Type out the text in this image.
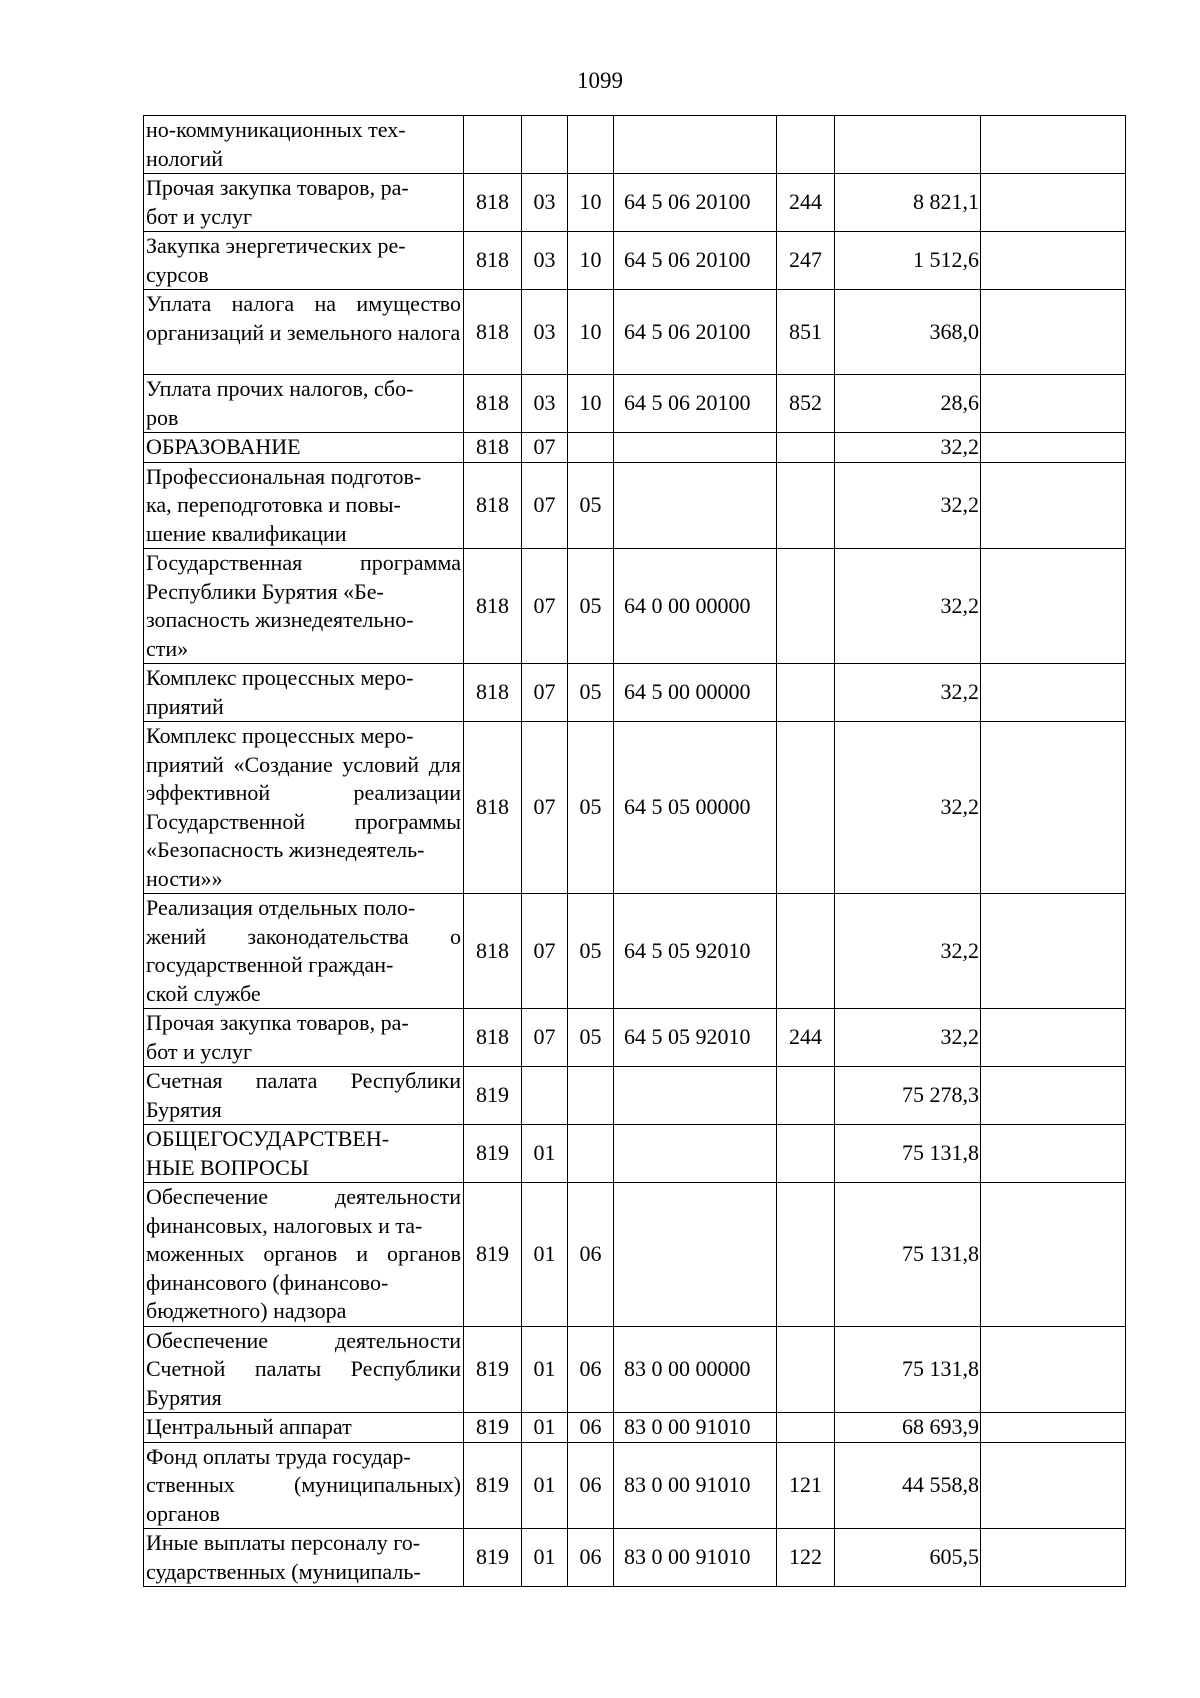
1099
но-коммуникационных тех-
нологий							
Прочая закупка товаров, ра-
бот и услуг	818	03	10	64 5 06 20100	244	8 821,1	
Закупка энергетических ре-
сурсов	818	03	10	64 5 06 20100	247	1 512,6	
Уплата налога на имущество организаций и земельного налога	818	03	10	64 5 06 20100	851	368,0	
Уплата прочих налогов, сбо-
ров	818	03	10	64 5 06 20100	852	28,6	
ОБРАЗОВАНИЕ	818	07				32,2	
Профессиональная подготов-
ка, переподготовка и повы-
шение квалификации	818	07	05			32,2	
Государственная программа Республики Бурятия «Бе-
зопасность жизнедеятельно-
сти»	818	07	05	64 0 00 00000		32,2	
Комплекс процессных меро-
приятий	818	07	05	64 5 00 00000		32,2	
Комплекс процессных меро-
приятий «Создание условий для эффективной реализации Государственной программы «Безопасность жизнедеятель-
ности»»	818	07	05	64 5 05 00000		32,2	
Реализация отдельных поло-
жений законодательства о государственной граждан-
ской службе	818	07	05	64 5 05 92010		32,2	
Прочая закупка товаров, ра-
бот и услуг	818	07	05	64 5 05 92010	244	32,2	
Счетная палата Республики Бурятия	819					75 278,3	
ОБЩЕГОСУДАРСТВЕН-
НЫЕ ВОПРОСЫ	819	01				75 131,8	
Обеспечение деятельности финансовых, налоговых и та-
моженных органов и органов финансового (финансово-
бюджетного) надзора	819	01	06			75 131,8	
Обеспечение деятельности Счетной палаты Республики Бурятия	819	01	06	83 0 00 00000		75 131,8	
Центральный аппарат	819	01	06	83 0 00 91010		68 693,9	
Фонд оплаты труда государ-
ственных (муниципальных) органов	819	01	06	83 0 00 91010	121	44 558,8	
Иные выплаты персоналу го-
сударственных (муниципаль-	819	01	06	83 0 00 91010	122	605,5	
